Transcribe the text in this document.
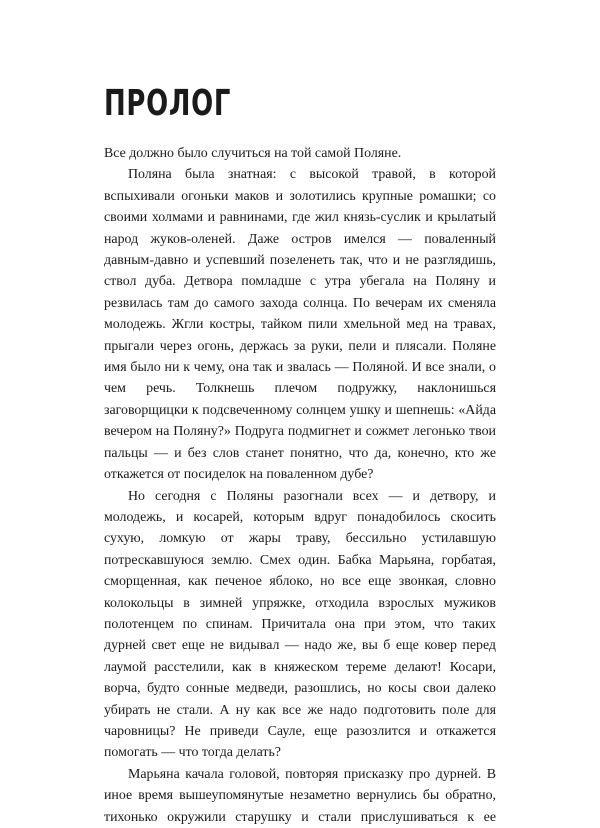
ПРОЛОГ

Все должно было случиться на той самой Поляне.

Поляна была знатная: с высокой травой, в которой вспыхивали огоньки маков и золотились крупные ромашки; со своими холмами и равнинами, где жил князь-суслик и крылатый народ жуков-оленей. Даже остров имелся — поваленный давным-давно и успевший позеленеть так, что и не разглядишь, ствол дуба. Детвора помладше с утра убегала на Поляну и резвилась там до самого захода солнца. По вечерам их сменяла молодежь. Жгли костры, тайком пили хмельной мед на травах, прыгали через огонь, держась за руки, пели и плясали. Поляне имя было ни к чему, она так и звалась — Поляной. И все знали, о чем речь. Толкнешь плечом подружку, наклонишься заговорщицки к подсвеченному солнцем ушку и шепнешь: «Айда вечером на Поляну?» Подруга подмигнет и сожмет легонько твои пальцы — и без слов станет понятно, что да, конечно, кто же откажется от посиделок на поваленном дубе?

Но сегодня с Поляны разогнали всех — и детвору, и молодежь, и косарей, которым вдруг понадобилось скосить сухую, ломкую от жары траву, бессильно устилавшую потрескавшуюся землю. Смех один. Бабка Марьяна, горбатая, сморщенная, как печеное яблоко, но все еще звонкая, словно колокольцы в зимней упряжке, отходила взрослых мужиков полотенцем по спинам. Причитала она при этом, что таких дурней свет еще не видывал — надо же, вы б еще ковер перед лаумой расстелили, как в княжеском тереме делают! Косари, ворча, будто сонные медведи, разошлись, но косы свои далеко убирать не стали. А ну как все же надо подготовить поле для чаровницы? Не приведи Сауле, еще разозлится и откажется помогать — что тогда делать?

Марьяна качала головой, повторяя присказку про дурней. В иное время вышеупомянутые незаметно вернулись бы обратно, тихонько окружили старушку и стали прислушиваться к ее
